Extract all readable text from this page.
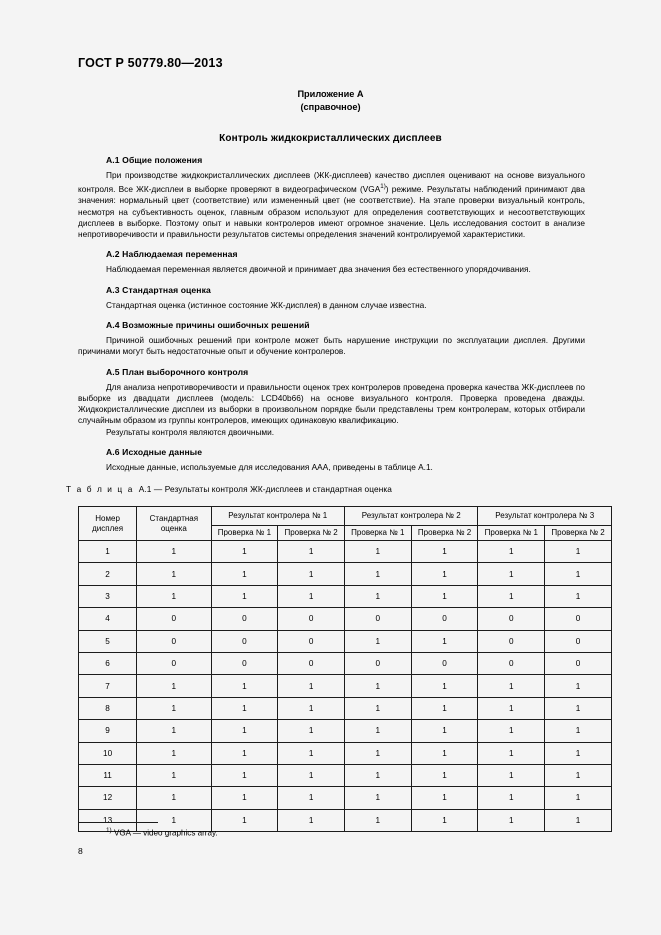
ГОСТ Р 50779.80—2013
Приложение А
(справочное)
Контроль жидкокристаллических дисплеев
A.1 Общие положения

При производстве жидкокристаллических дисплеев (ЖК-дисплеев) качество дисплея оценивают на основе визуального контроля. Все ЖК-дисплеи в выборке проверяют в видеографическом (VGA$^{1)}$) режиме. Результаты наблюдений принимают два значения: нормальный цвет (соответствие) или измененный цвет (не соответствие). На этапе проверки визуальный контроль, несмотря на субъективность оценок, главным образом используют для определения соответствующих и несоответствующих дисплеев в выборке. Поэтому опыт и навыки контролеров имеют огромное значение. Цель исследования состоит в анализе непротиворечивости и правильности результатов системы определения значений контролируемой характеристики.

A.2 Наблюдаемая переменная

Наблюдаемая переменная является двоичной и принимает два значения без естественного упорядочивания.

A.3 Стандартная оценка

Стандартная оценка (истинное состояние ЖК-дисплея) в данном случае известна.

A.4 Возможные причины ошибочных решений

Причиной ошибочных решений при контроле может быть нарушение инструкции по эксплуатации дисплея. Другими причинами могут быть недостаточные опыт и обучение контролеров.

A.5 План выборочного контроля

Для анализа непротиворечивости и правильности оценок трех контролеров проведена проверка качества ЖК-дисплеев по выборке из двадцати дисплеев (модель: LCD40b66) на основе визуального контроля. Проверка проведена дважды. Жидкокристаллические дисплеи из выборки в произвольном порядке были представлены трем контролерам, которых отбирали случайным образом из группы контролеров, имеющих одинаковую квалификацию.

Результаты контроля являются двоичными.

A.6 Исходные данные

Исходные данные, используемые для исследования ААА, приведены в таблице А.1.

Т а б л и ц а А.1 — Результаты контроля ЖК-дисплеев и стандартная оценка
Номер дисплея	Стандартная оценка	Результат контролера № 1		Результат контролера № 2		Результат контролера № 3	
		Проверка № 1	Проверка № 2	Проверка № 1	Проверка № 2	Проверка № 1	Проверка № 2
1	1	1	1	1	1	1	1
2	1	1	1	1	1	1	1
3	1	1	1	1	1	1	1
4	0	0	0	0	0	0	0
5	0	0	0	1	1	0	0
6	0	0	0	0	0	0	0
7	1	1	1	1	1	1	1
8	1	1	1	1	1	1	1
9	1	1	1	1	1	1	1
10	1	1	1	1	1	1	1
11	1	1	1	1	1	1	1
12	1	1	1	1	1	1	1
13	1	1	1	1	1	1	1
$^{1)}$ VGA — video graphics array.
8
